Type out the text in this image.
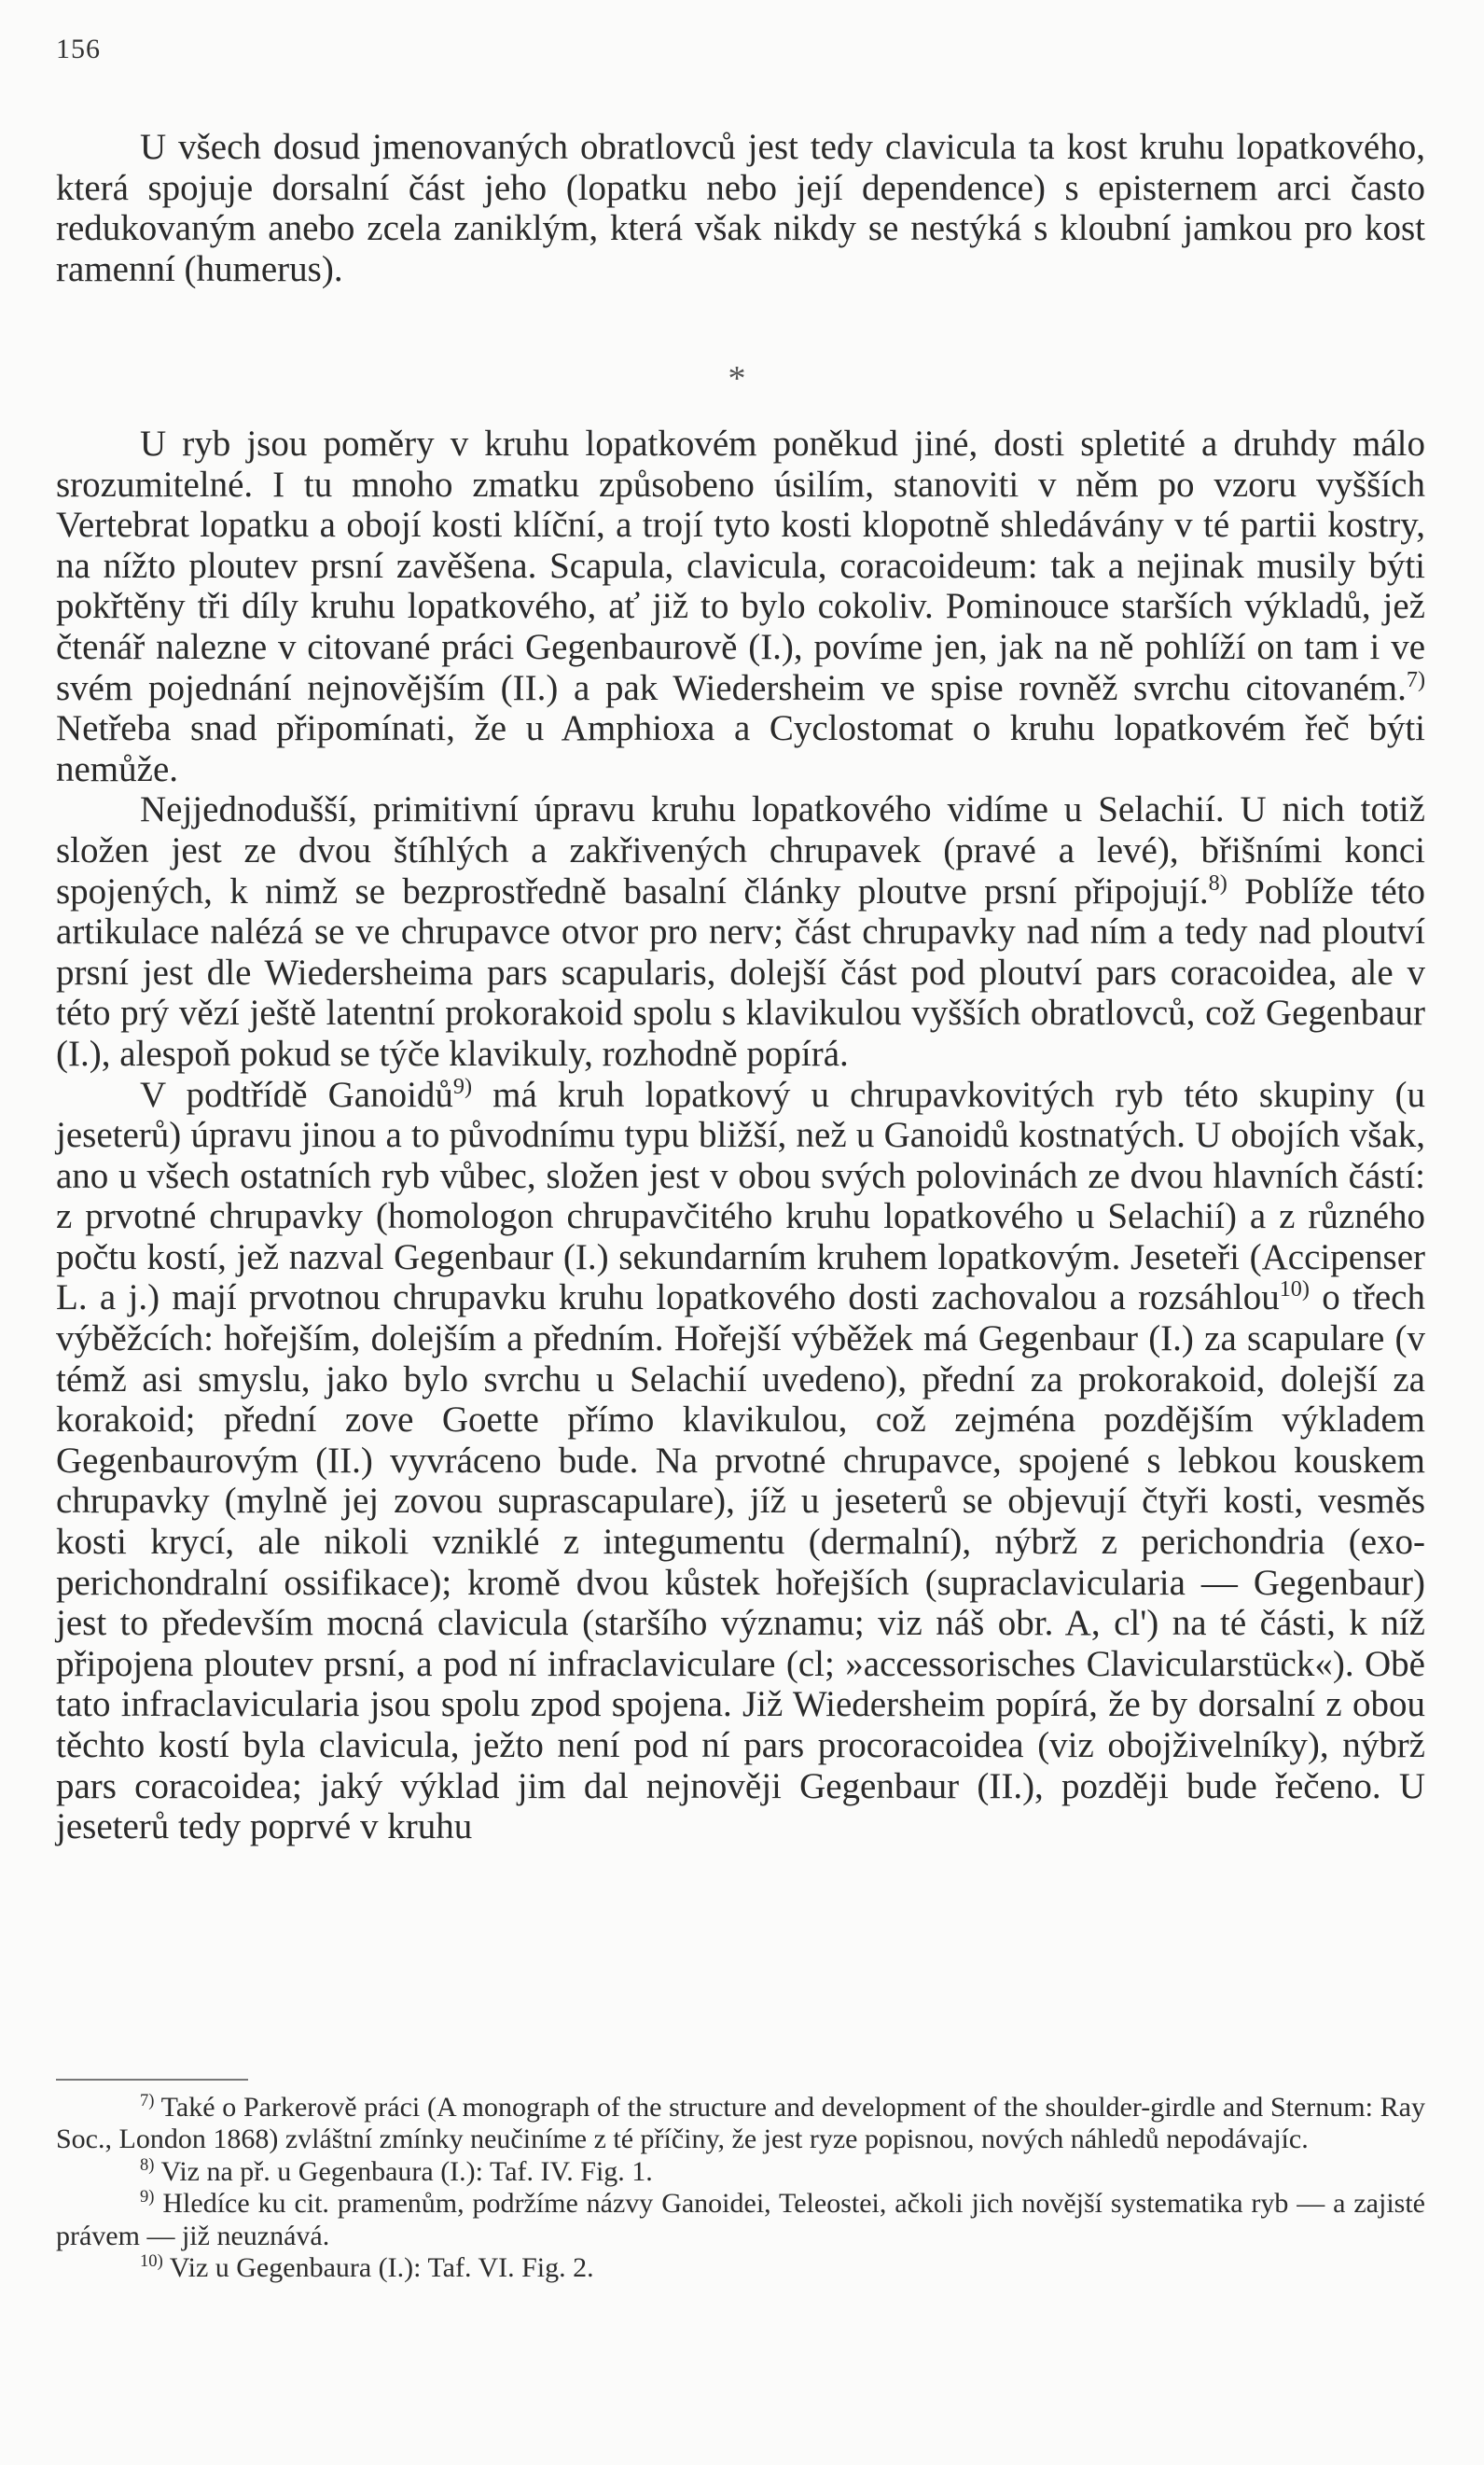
156

U všech dosud jmenovaných obratlovců jest tedy clavicula ta kost kruhu lopatkového, která spojuje dorsalní část jeho (lopatku nebo její dependence) s episternem arci často redukovaným anebo zcela zaniklým, která však nikdy se nestýká s kloubní jamkou pro kost ramenní (humerus).

*

U ryb jsou poměry v kruhu lopatkovém poněkud jiné, dosti spletité a druhdy málo srozumitelné. I tu mnoho zmatku způsobeno úsilím, stanoviti v něm po vzoru vyšších Vertebrat lopatku a obojí kosti klíční, a trojí tyto kosti klopotně shledávány v té partii kostry, na nížto ploutev prsní zavěšena. Scapula, clavicula, coracoideum: tak a nejinak musily býti pokřtěny tři díly kruhu lopatkového, ať již to bylo cokoliv. Pominouce starších výkladů, jež čtenář nalezne v citované práci Gegenbaurově (I.), povíme jen, jak na ně pohlíží on tam i ve svém pojednání nejnovějším (II.) a pak Wiedersheim ve spise rovněž svrchu citovaném.$^{7)}$ Netřeba snad připomínati, že u Amphioxa a Cyclostomat o kruhu lopatkovém řeč býti nemůže.

Nejjednodušší, primitivní úpravu kruhu lopatkového vidíme u Selachií. U nich totiž složen jest ze dvou štíhlých a zakřivených chrupavek (pravé a levé), břišními konci spojených, k nimž se bezprostředně basalní články ploutve prsní připojují.$^{8)}$ Poblíže této artikulace nalézá se ve chrupavce otvor pro nerv; část chrupavky nad ním a tedy nad ploutví prsní jest dle Wiedersheima pars scapularis, dolejší část pod ploutví pars coracoidea, ale v této prý vězí ještě latentní prokorakoid spolu s klavikulou vyšších obratlovců, což Gegenbaur (I.), alespoň pokud se týče klavikuly, rozhodně popírá.

V podtřídě Ganoidů$^{9)}$ má kruh lopatkový u chrupavkovitých ryb této skupiny (u jeseterů) úpravu jinou a to původnímu typu bližší, než u Ganoidů kostnatých. U obojích však, ano u všech ostatních ryb vůbec, složen jest v obou svých polovinách ze dvou hlavních částí: z prvotné chrupavky (homologon chrupavčitého kruhu lopatkového u Selachií) a z různého počtu kostí, jež nazval Gegenbaur (I.) sekundarním kruhem lopatkovým. Jeseteři (Accipenser L. a j.) mají prvotnou chrupavku kruhu lopatkového dosti zachovalou a rozsáhlou$^{10)}$ o třech výběžcích: hořejším, dolejším a předním. Hořejší výběžek má Gegenbaur (I.) za scapulare (v témž asi smyslu, jako bylo svrchu u Selachií uvedeno), přední za prokorakoid, dolejší za korakoid; přední zove Goette přímo klavikulou, což zejména pozdějším výkladem Gegenbaurovým (II.) vyvráceno bude. Na prvotné chrupavce, spojené s lebkou kouskem chrupavky (mylně jej zovou suprascapulare), jíž u jeseterů se objevují čtyři kosti, vesměs kosti krycí, ale nikoli vzniklé z integumentu (dermalní), nýbrž z perichondria (exo-perichondralní ossifikace); kromě dvou kůstek hořejších (supraclavicularia — Gegenbaur) jest to především mocná clavicula (staršího významu; viz náš obr. A, cl') na té části, k níž připojena ploutev prsní, a pod ní infraclaviculare (cl; »accessorisches Clavicularstück«). Obě tato infraclavicularia jsou spolu zpod spojena. Již Wiedersheim popírá, že by dorsalní z obou těchto kostí byla clavicula, ježto není pod ní pars procoracoidea (viz obojživelníky), nýbrž pars coracoidea; jaký výklad jim dal nejnověji Gegenbaur (II.), později bude řečeno. U jeseterů tedy poprvé v kruhu

$^{7)}$ Také o Parkerově práci (A monograph of the structure and development of the shoulder-girdle and Sternum: Ray Soc., London 1868) zvláštní zmínky neučiníme z té příčiny, že jest ryze popisnou, nových náhledů nepodávajíc.

$^{8)}$ Viz na př. u Gegenbaura (I.): Taf. IV. Fig. 1.

$^{9)}$ Hledíce ku cit. pramenům, podržíme názvy Ganoidei, Teleostei, ačkoli jich novější systematika ryb — a zajisté právem — již neuznává.

$^{10)}$ Viz u Gegenbaura (I.): Taf. VI. Fig. 2.
